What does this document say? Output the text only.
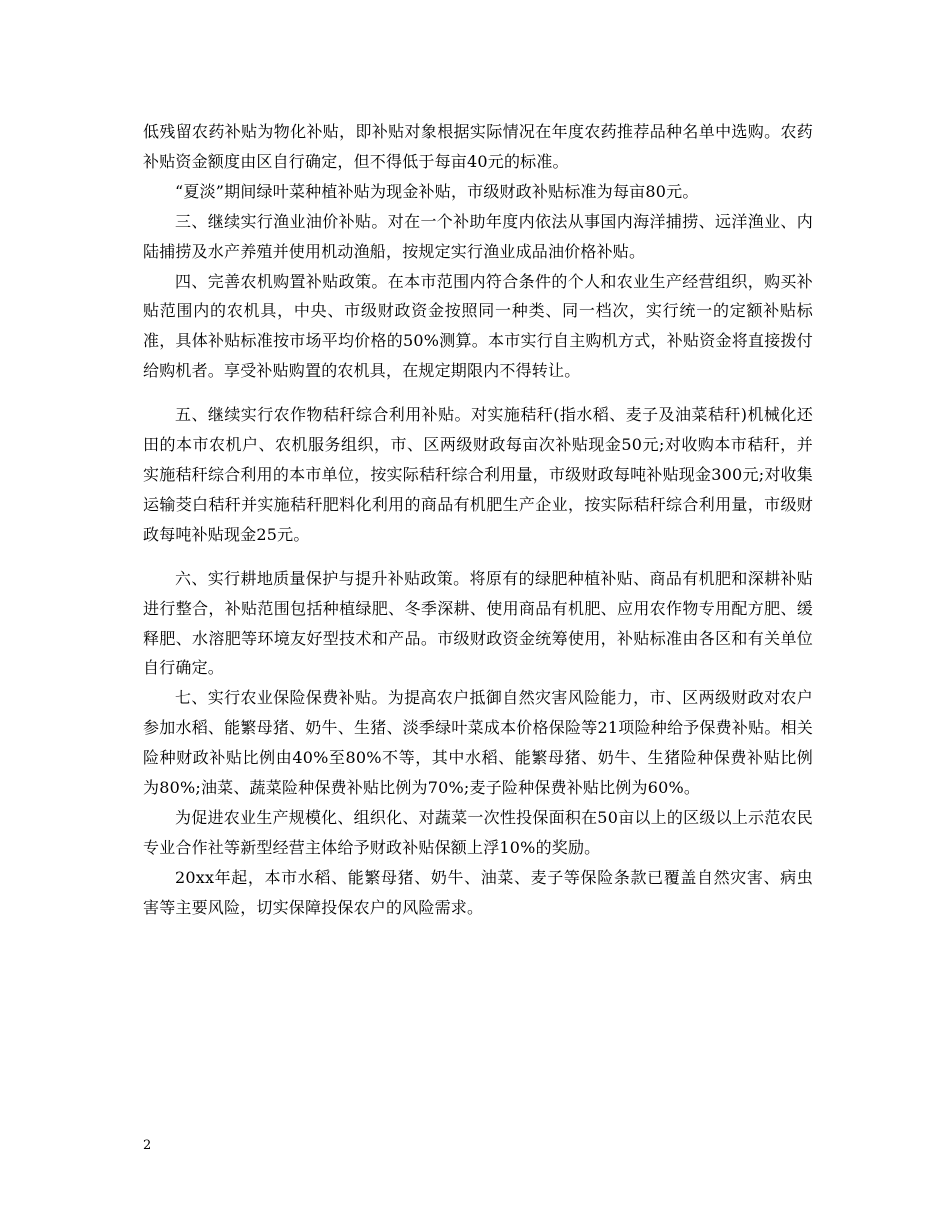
低残留农药补贴为物化补贴，即补贴对象根据实际情况在年度农药推荐品种名单中选购。农药补贴资金额度由区自行确定，但不得低于每亩40元的标准。

“夏淡”期间绿叶菜种植补贴为现金补贴，市级财政补贴标准为每亩80元。

三、继续实行渔业油价补贴。对在一个补助年度内依法从事国内海洋捕捞、远洋渔业、内陆捕捞及水产养殖并使用机动渔船，按规定实行渔业成品油价格补贴。

四、完善农机购置补贴政策。在本市范围内符合条件的个人和农业生产经营组织，购买补贴范围内的农机具，中央、市级财政资金按照同一种类、同一档次，实行统一的定额补贴标准，具体补贴标准按市场平均价格的50%测算。本市实行自主购机方式，补贴资金将直接拨付给购机者。享受补贴购置的农机具，在规定期限内不得转让。

五、继续实行农作物秸秆综合利用补贴。对实施秸秆(指水稻、麦子及油菜秸秆)机械化还田的本市农机户、农机服务组织，市、区两级财政每亩次补贴现金50元;对收购本市秸秆，并实施秸秆综合利用的本市单位，按实际秸秆综合利用量，市级财政每吨补贴现金300元;对收集运输茭白秸秆并实施秸秆肥料化利用的商品有机肥生产企业，按实际秸秆综合利用量，市级财政每吨补贴现金25元。

六、实行耕地质量保护与提升补贴政策。将原有的绿肥种植补贴、商品有机肥和深耕补贴进行整合，补贴范围包括种植绿肥、冬季深耕、使用商品有机肥、应用农作物专用配方肥、缓释肥、水溶肥等环境友好型技术和产品。市级财政资金统筹使用，补贴标准由各区和有关单位自行确定。

七、实行农业保险保费补贴。为提高农户抵御自然灾害风险能力，市、区两级财政对农户参加水稻、能繁母猪、奶牛、生猪、淡季绿叶菜成本价格保险等21项险种给予保费补贴。相关险种财政补贴比例由40%至80%不等，其中水稻、能繁母猪、奶牛、生猪险种保费补贴比例为80%;油菜、蔬菜险种保费补贴比例为70%;麦子险种保费补贴比例为60%。

为促进农业生产规模化、组织化、对蔬菜一次性投保面积在50亩以上的区级以上示范农民专业合作社等新型经营主体给予财政补贴保额上浮10%的奖励。

20xx年起，本市水稻、能繁母猪、奶牛、油菜、麦子等保险条款已覆盖自然灾害、病虫害等主要风险，切实保障投保农户的风险需求。

2
